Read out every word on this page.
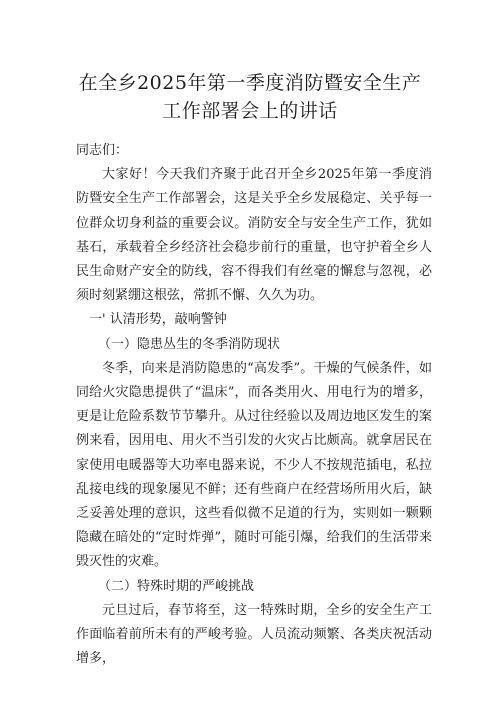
在全乡2025年第一季度消防暨安全生产工作部署会上的讲话

同志们：

大家好！今天我们齐聚于此召开全乡2025年第一季度消防暨安全生产工作部署会，这是关乎全乡发展稳定、关乎每一位群众切身利益的重要会议。消防安全与安全生产工作，犹如基石，承载着全乡经济社会稳步前行的重量，也守护着全乡人民生命财产安全的防线，容不得我们有丝毫的懈怠与忽视，必须时刻紧绷这根弦，常抓不懈、久久为功。

一' 认清形势，敲响警钟

（一）隐患丛生的冬季消防现状

冬季，向来是消防隐患的“高发季”。干燥的气候条件，如同给火灾隐患提供了“温床”，而各类用火、用电行为的增多，更是让危险系数节节攀升。从过往经验以及周边地区发生的案例来看，因用电、用火不当引发的火灾占比颇高。就拿居民在家使用电暖器等大功率电器来说，不少人不按规范插电，私拉乱接电线的现象屡见不鲜；还有些商户在经营场所用火后，缺乏妥善处理的意识，这些看似微不足道的行为，实则如一颗颗隐藏在暗处的“定时炸弹”，随时可能引爆，给我们的生活带来毁灭性的灾难。

（二）特殊时期的严峻挑战

元旦过后，春节将至，这一特殊时期，全乡的安全生产工作面临着前所未有的严峻考验。人员流动频繁、各类庆祝活动增多，
